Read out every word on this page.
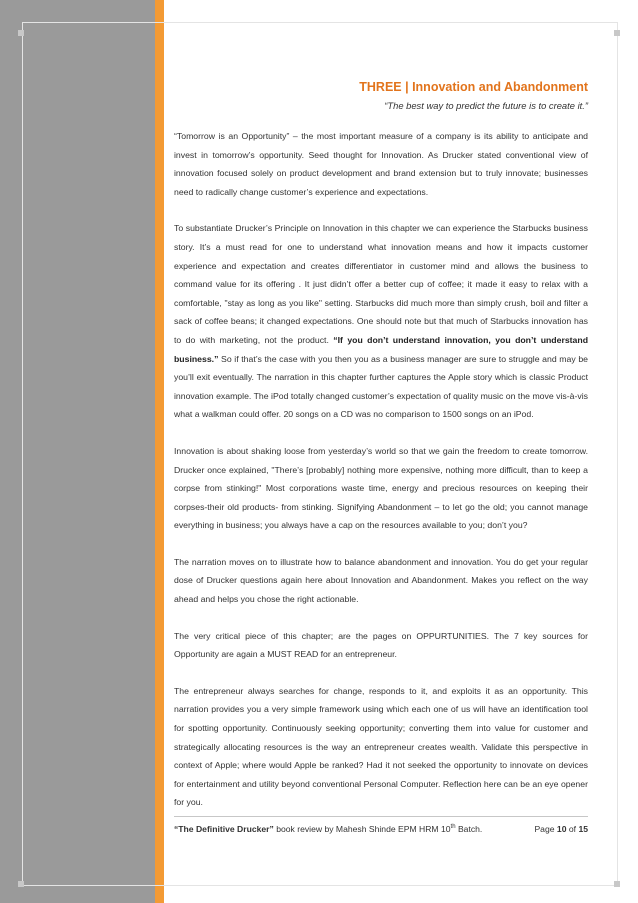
THREE | Innovation and Abandonment
“The best way to predict the future is to create it.”

“Tomorrow is an Opportunity” – the most important measure of a company is its ability to anticipate and invest in tomorrow’s opportunity. Seed thought for Innovation. As Drucker stated conventional view of innovation focused solely on product development and brand extension but to truly innovate; businesses need to radically change customer’s experience and expectations.

To substantiate Drucker’s Principle on Innovation in this chapter we can experience the Starbucks business story. It’s a must read for one to understand what innovation means and how it impacts customer experience and expectation and creates differentiator in customer mind and allows the business to command value for its offering . It just didn’t offer a better cup of coffee; it made it easy to relax with a comfortable, "stay as long as you like" setting. Starbucks did much more than simply crush, boil and filter a sack of coffee beans; it changed expectations. One should note but that much of Starbucks innovation has to do with marketing, not the product. “If you don’t understand innovation, you don’t understand business.” So if that’s the case with you then you as a business manager are sure to struggle and may be you’ll exit eventually. The narration in this chapter further captures the Apple story which is classic Product innovation example. The iPod totally changed customer’s expectation of quality music on the move vis-à-vis what a walkman could offer. 20 songs on a CD was no comparison to 1500 songs on an iPod.

Innovation is about shaking loose from yesterday’s world so that we gain the freedom to create tomorrow. Drucker once explained, "There’s [probably] nothing more expensive, nothing more difficult, than to keep a corpse from stinking!" Most corporations waste time, energy and precious resources on keeping their corpses-their old products- from stinking. Signifying Abandonment – to let go the old; you cannot manage everything in business; you always have a cap on the resources available to you; don’t you?

The narration moves on to illustrate how to balance abandonment and innovation. You do get your regular dose of Drucker questions again here about Innovation and Abandonment. Makes you reflect on the way ahead and helps you chose the right actionable.

The very critical piece of this chapter; are the pages on OPPURTUNITIES. The 7 key sources for Opportunity are again a MUST READ for an entrepreneur.

The entrepreneur always searches for change, responds to it, and exploits it as an opportunity. This narration provides you a very simple framework using which each one of us will have an identification tool for spotting opportunity. Continuously seeking opportunity; converting them into value for customer and strategically allocating resources is the way an entrepreneur creates wealth. Validate this perspective in context of Apple; where would Apple be ranked? Had it not seeked the opportunity to innovate on devices for entertainment and utility beyond conventional Personal Computer. Reflection here can be an eye opener for you.

“The Definitive Drucker” book review by Mahesh Shinde EPM HRM 10th Batch.	Page 10 of 15
